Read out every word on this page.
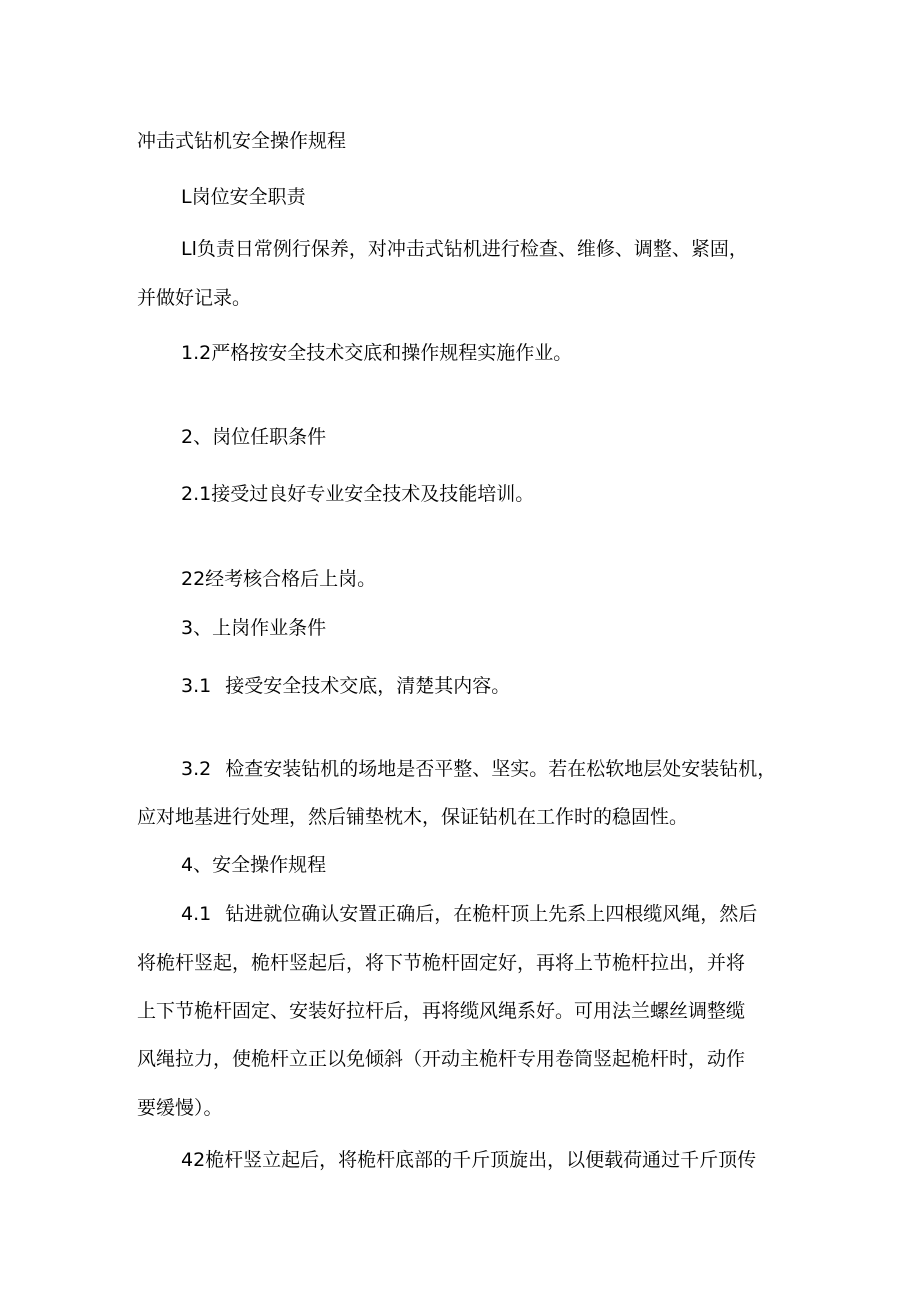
冲击式钻机安全操作规程
L岗位安全职责
Ll负责日常例行保养，对冲击式钻机进行检查、维修、调整、紧固，
并做好记录。
1.2严格按安全技术交底和操作规程实施作业。
2、岗位任职条件
2.1接受过良好专业安全技术及技能培训。
22经考核合格后上岗。
3、上岗作业条件
3.1 接受安全技术交底，清楚其内容。
3.2 检查安装钻机的场地是否平整、坚实。若在松软地层处安装钻机，
应对地基进行处理，然后铺垫枕木，保证钻机在工作时的稳固性。
4、安全操作规程
4.1 钻进就位确认安置正确后，在桅杆顶上先系上四根缆风绳，然后
将桅杆竖起，桅杆竖起后，将下节桅杆固定好，再将上节桅杆拉出，并将
上下节桅杆固定、安装好拉杆后，再将缆风绳系好。可用法兰螺丝调整缆
风绳拉力，使桅杆立正以免倾斜（开动主桅杆专用卷筒竖起桅杆时，动作
要缓慢）。
42桅杆竖立起后，将桅杆底部的千斤顶旋出，以便载荷通过千斤顶传
